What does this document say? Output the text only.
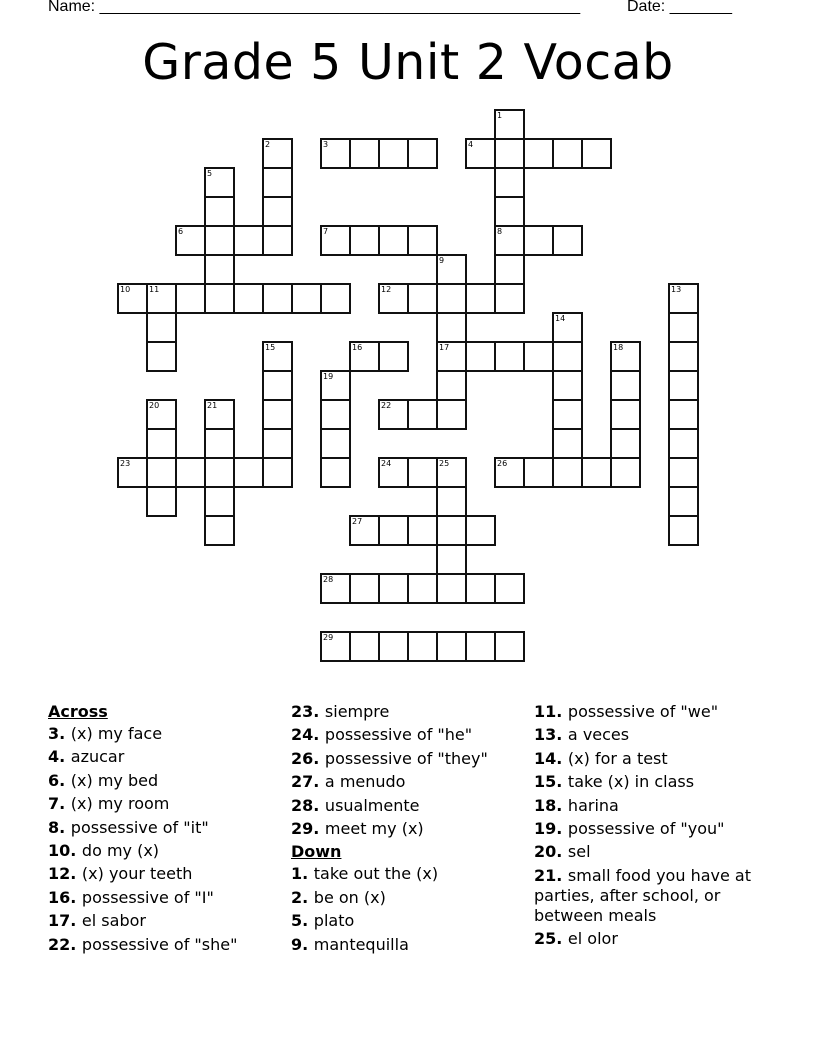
Name: ______________________________________________________	Date: _______
Grade 5 Unit 2 Vocab
1
8
2	3	4
5
6	7
9
17
10 11	12	13
14
15	16	18
19
20	21	22
23	24	25	26
27
28
29
Across
3. (x) my face
4. azucar
6. (x) my bed
7. (x) my room
8. possessive of "it"
10. do my (x)
12. (x) your teeth
16. possessive of "I"
17. el sabor
22. possessive of "she"
23. siempre
24. possessive of "he"
26. possessive of "they"
27. a menudo
28. usualmente
29. meet my (x)
Down
1. take out the (x)
2. be on (x)
5. plato
9. mantequilla
11. possessive of "we"
13. a veces
14. (x) for a test
15. take (x) in class
18. harina
19. possessive of "you"
20. sel
21. small food you have at parties, after school, or between meals
25. el olor
